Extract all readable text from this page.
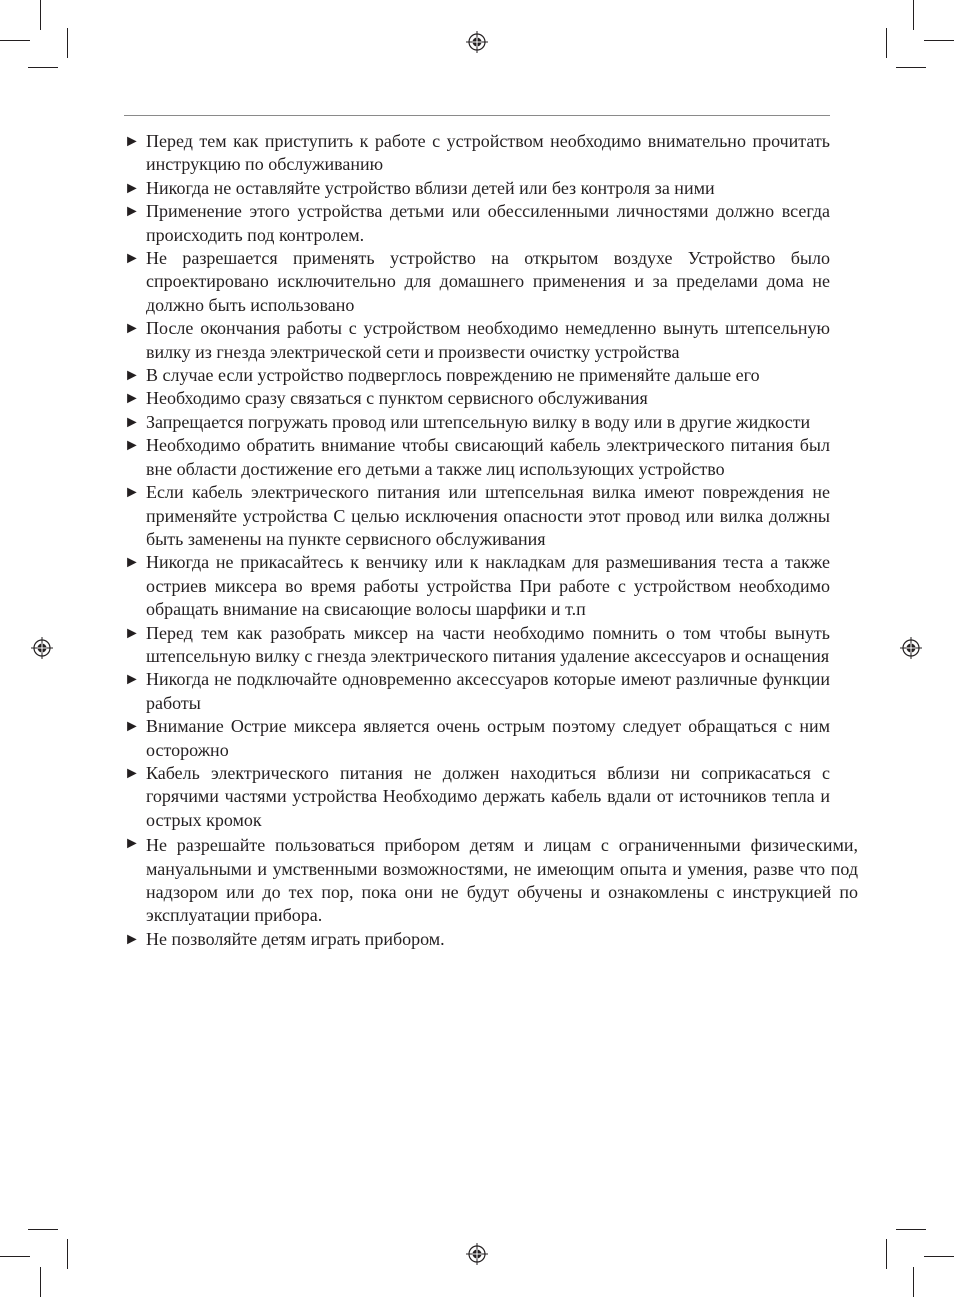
► Перед тем как приступить к работе с устройством необходимо внимательно прочитать инструкцию по обслуживанию
► Никогда не оставляйте устройство вблизи детей или без контроля за ними
► Применение этого устройства детьми или обессиленными личностями должно всегда происходить под контролем.
► Не разрешается применять устройство на открытом воздухе Устройство было спроектировано исключительно для домашнего применения и за пределами дома не должно быть использовано
► После окончания работы с устройством необходимо немедленно вынуть штепсельную вилку из гнезда электрической сети и произвести очистку устройства
► В случае если устройство подверглось повреждению не применяйте дальше его
► Необходимо сразу связаться с пунктом сервисного обслуживания
► Запрещается погружать провод или штепсельную вилку в воду или в другие жидкости
► Необходимо обратить внимание чтобы свисающий кабель электрического питания был вне области достижение его детьми а также лиц использующих устройство
► Если кабель электрического питания или штепсельная вилка имеют повреждения не применяйте устройства С целью исключения опасности этот провод или вилка должны быть заменены на пункте сервисного обслуживания
► Никогда не прикасайтесь к венчику или к накладкам для размешивания теста а также остриев миксера во время работы устройства При работе с устройством необходимо обращать внимание на свисающие волосы шарфики и т.п
► Перед тем как разобрать миксер на части необходимо помнить о том чтобы вынуть штепсельную вилку с гнезда электрического питания удаление аксессуаров и оснащения
► Никогда не подключайте одновременно аксессуаров которые имеют различные функции работы
► Внимание Острие миксера является очень острым поэтому следует обращаться с ним осторожно
► Кабель электрического питания не должен находиться вблизи ни соприкасаться с горячими частями устройства Необходимо держать кабель вдали от источников тепла и острых кромок
► Не разрешайте пользоваться прибором детям и лицам с ограниченными физическими, мануальными и умственными возможностями, не имеющим опыта и умения, разве что под надзором или до тех пор, пока они не будут обучены и ознакомлены с инструкцией по эксплуатации прибора.
► Не позволяйте детям играть прибором.
